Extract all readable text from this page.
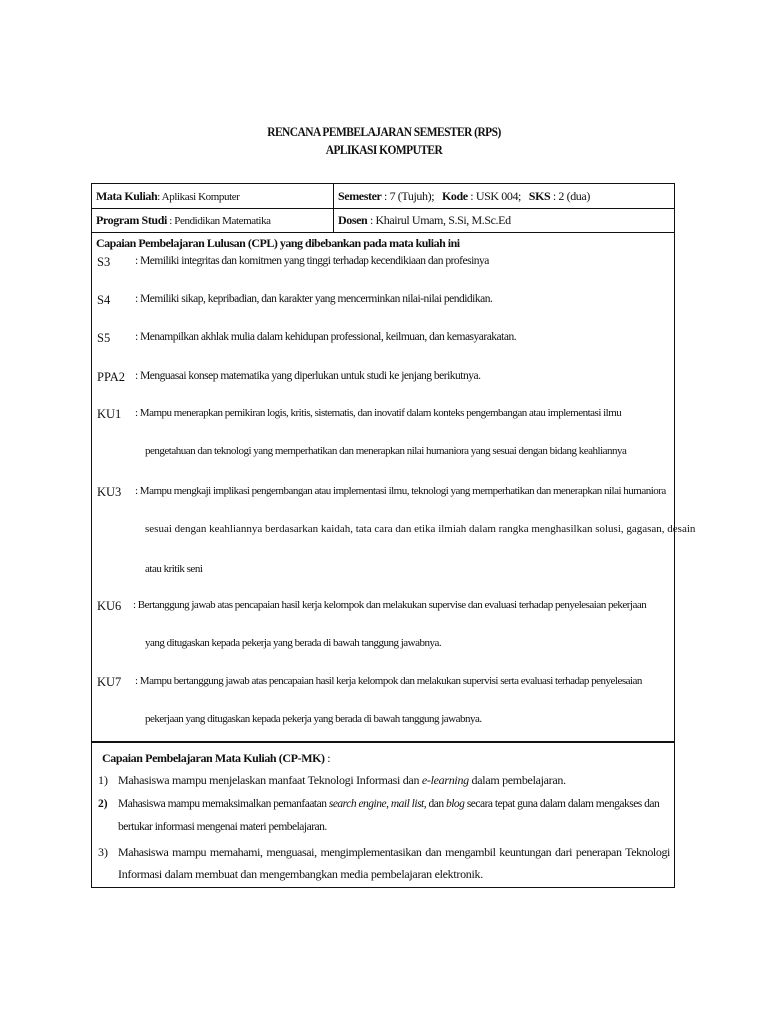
RENCANA PEMBELAJARAN SEMESTER (RPS)
APLIKASI KOMPUTER
Mata Kuliah: Aplikasi Komputer	Semester : 7 (Tujuh); Kode : USK 004; SKS : 2 (dua)
Program Studi : Pendidikan Matematika	Dosen : Khairul Umam, S.Si, M.Sc.Ed
Capaian Pembelajaran Lulusan (CPL) yang dibebankan pada mata kuliah ini
S3	: Memiliki integritas dan komitmen yang tinggi terhadap kecendikiaan dan profesinya
S4	: Memiliki sikap, kepribadian, dan karakter yang mencerminkan nilai-nilai pendidikan.
S5	: Menampilkan akhlak mulia dalam kehidupan professional, keilmuan, dan kemasyarakatan.
PPA2 : Menguasai konsep matematika yang diperlukan untuk studi ke jenjang berikutnya.
KU1	: Mampu menerapkan pemikiran logis, kritis, sistematis, dan inovatif dalam konteks pengembangan atau implementasi ilmu
pengetahuan dan teknologi yang memperhatikan dan menerapkan nilai humaniora yang sesuai dengan bidang keahliannya
KU3	: Mampu mengkaji implikasi pengembangan atau implementasi ilmu, teknologi yang memperhatikan dan menerapkan nilai humaniora
sesuai dengan keahliannya berdasarkan kaidah, tata cara dan etika ilmiah dalam rangka menghasilkan solusi, gagasan, desain
atau kritik seni
KU6	: Bertanggung jawab atas pencapaian hasil kerja kelompok dan melakukan supervise dan evaluasi terhadap penyelesaian pekerjaan
yang ditugaskan kepada pekerja yang berada di bawah tanggung jawabnya.
KU7	: Mampu bertanggung jawab atas pencapaian hasil kerja kelompok dan melakukan supervisi serta evaluasi terhadap penyelesaian
pekerjaan yang ditugaskan kepada pekerja yang berada di bawah tanggung jawabnya.
Capaian Pembelajaran Mata Kuliah (CP-MK) :
1) Mahasiswa mampu menjelaskan manfaat Teknologi Informasi dan e-learning dalam pembelajaran.
2) Mahasiswa mampu memaksimalkan pemanfaatan search engine, mail list, dan blog secara tepat guna dalam dalam mengakses dan
bertukar informasi mengenai materi pembelajaran.
3) Mahasiswa mampu memahami, menguasai, mengimplementasikan dan mengambil keuntungan dari penerapan Teknologi
Informasi dalam membuat dan mengembangkan media pembelajaran elektronik.
